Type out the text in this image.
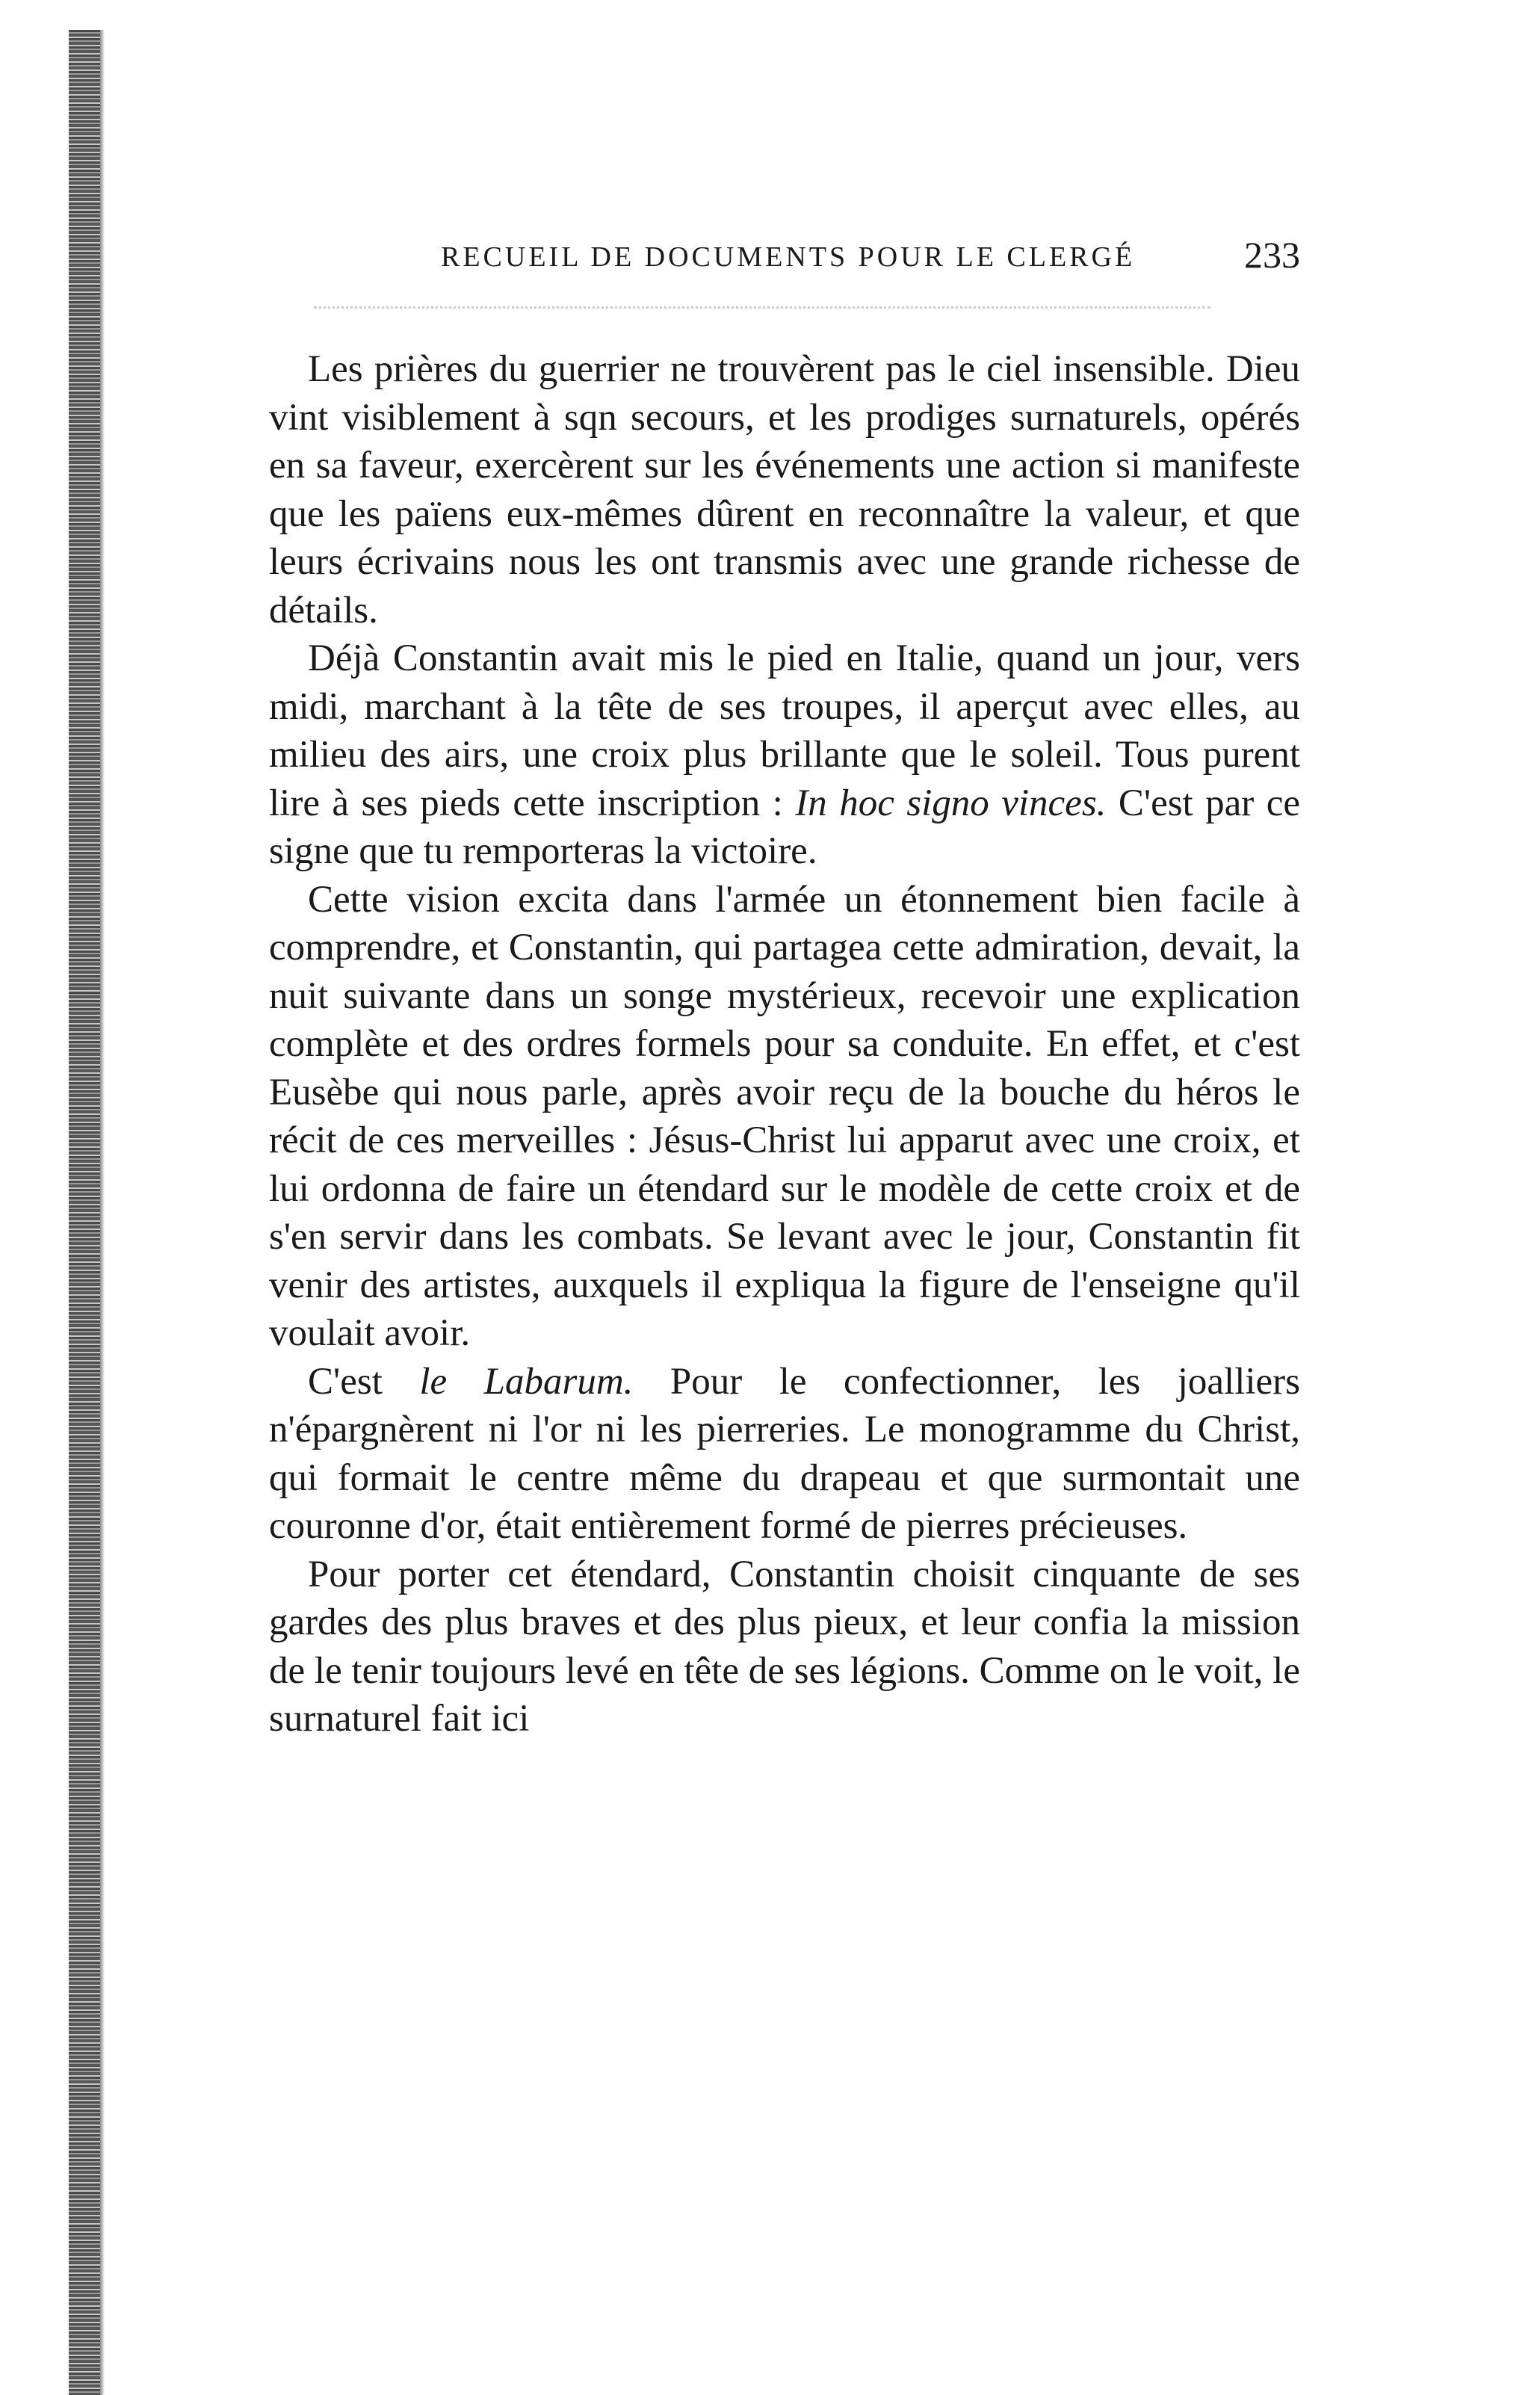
RECUEIL DE DOCUMENTS POUR LE CLERGÉ	233

Les prières du guerrier ne trouvèrent pas le ciel insensible. Dieu vint visiblement à sqn secours, et les prodiges surnaturels, opérés en sa faveur, exercèrent sur les événements une action si manifeste que les païens eux-mêmes dûrent en reconnaître la valeur, et que leurs écrivains nous les ont transmis avec une grande richesse de détails.

Déjà Constantin avait mis le pied en Italie, quand un jour, vers midi, marchant à la tête de ses troupes, il aperçut avec elles, au milieu des airs, une croix plus brillante que le soleil. Tous purent lire à ses pieds cette inscription : In hoc signo vinces. C'est par ce signe que tu remporteras la victoire.

Cette vision excita dans l'armée un étonnement bien facile à comprendre, et Constantin, qui partagea cette admiration, devait, la nuit suivante dans un songe mystérieux, recevoir une explication complète et des ordres formels pour sa conduite. En effet, et c'est Eusèbe qui nous parle, après avoir reçu de la bouche du héros le récit de ces merveilles : Jésus-Christ lui apparut avec une croix, et lui ordonna de faire un étendard sur le modèle de cette croix et de s'en servir dans les combats. Se levant avec le jour, Constantin fit venir des artistes, auxquels il expliqua la figure de l'enseigne qu'il voulait avoir.

C'est le Labarum. Pour le confectionner, les joalliers n'épargnèrent ni l'or ni les pierreries. Le monogramme du Christ, qui formait le centre même du drapeau et que surmontait une couronne d'or, était entièrement formé de pierres précieuses.

Pour porter cet étendard, Constantin choisit cinquante de ses gardes des plus braves et des plus pieux, et leur confia la mission de le tenir toujours levé en tête de ses légions. Comme on le voit, le surnaturel fait ici
